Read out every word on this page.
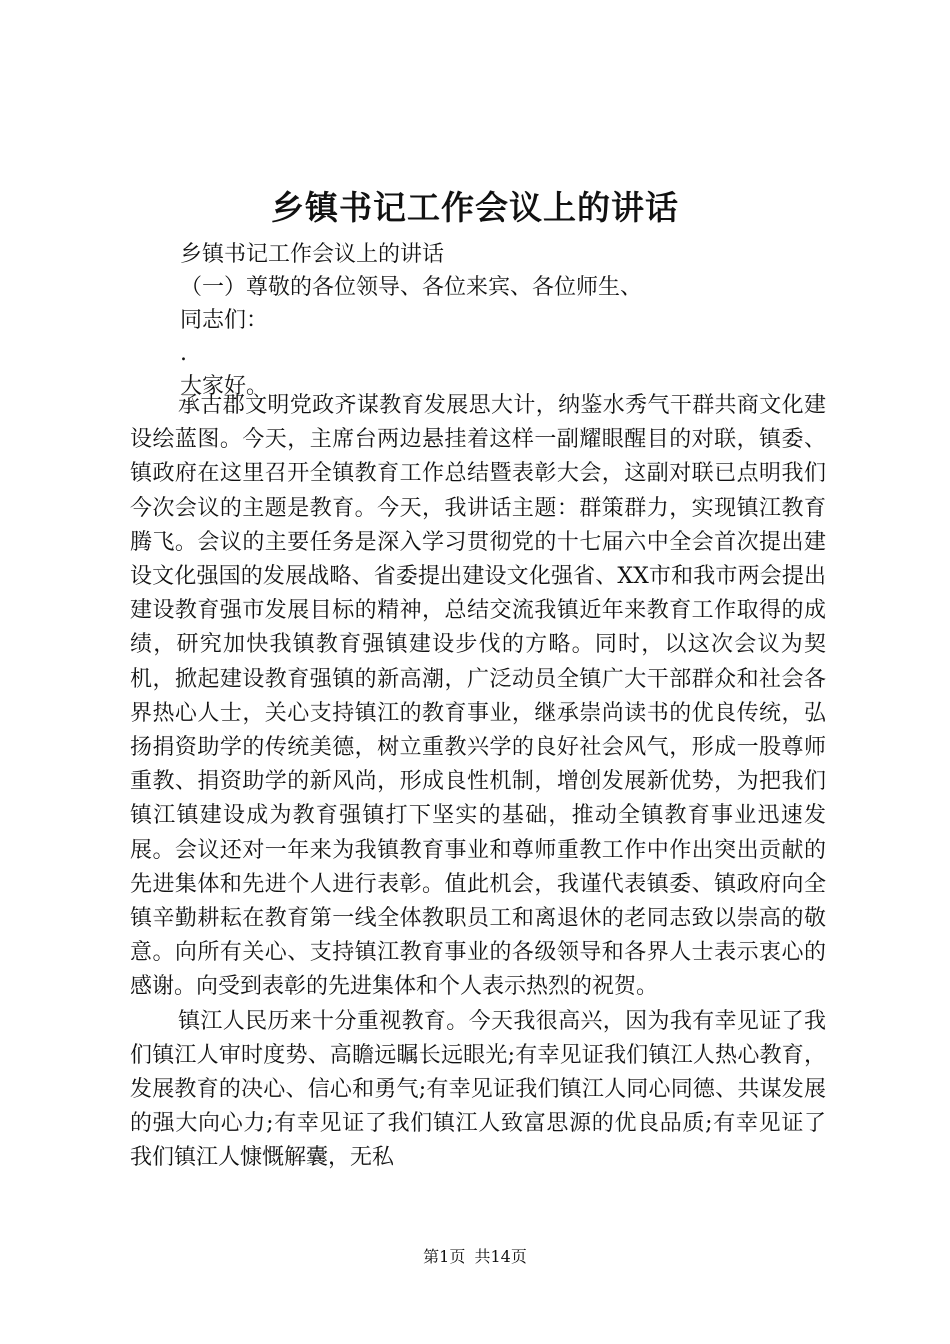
乡镇书记工作会议上的讲话
乡镇书记工作会议上的讲话
（一）尊敬的各位领导、各位来宾、各位师生、
同志们：
.
大家好。

承古郡文明党政齐谋教育发展思大计，纳鉴水秀气干群共商文化建设绘蓝图。今天，主席台两边悬挂着这样一副耀眼醒目的对联，镇委、镇政府在这里召开全镇教育工作总结暨表彰大会，这副对联已点明我们今次会议的主题是教育。今天，我讲话主题：群策群力，实现镇江教育腾飞。会议的主要任务是深入学习贯彻党的十七届六中全会首次提出建设文化强国的发展战略、省委提出建设文化强省、XX市和我市两会提出建设教育强市发展目标的精神，总结交流我镇近年来教育工作取得的成绩，研究加快我镇教育强镇建设步伐的方略。同时，以这次会议为契机，掀起建设教育强镇的新高潮，广泛动员全镇广大干部群众和社会各界热心人士，关心支持镇江的教育事业，继承崇尚读书的优良传统，弘扬捐资助学的传统美德，树立重教兴学的良好社会风气，形成一股尊师重教、捐资助学的新风尚，形成良性机制，增创发展新优势，为把我们镇江镇建设成为教育强镇打下坚实的基础，推动全镇教育事业迅速发展。会议还对一年来为我镇教育事业和尊师重教工作中作出突出贡献的先进集体和先进个人进行表彰。值此机会，我谨代表镇委、镇政府向全镇辛勤耕耘在教育第一线全体教职员工和离退休的老同志致以崇高的敬意。向所有关心、支持镇江教育事业的各级领导和各界人士表示衷心的感谢。向受到表彰的先进集体和个人表示热烈的祝贺。

镇江人民历来十分重视教育。今天我很高兴，因为我有幸见证了我们镇江人审时度势、高瞻远瞩长远眼光;有幸见证我们镇江人热心教育，发展教育的决心、信心和勇气;有幸见证我们镇江人同心同德、共谋发展的强大向心力;有幸见证了我们镇江人致富思源的优良品质;有幸见证了我们镇江人慷慨解囊，无私

第1页 共14页
